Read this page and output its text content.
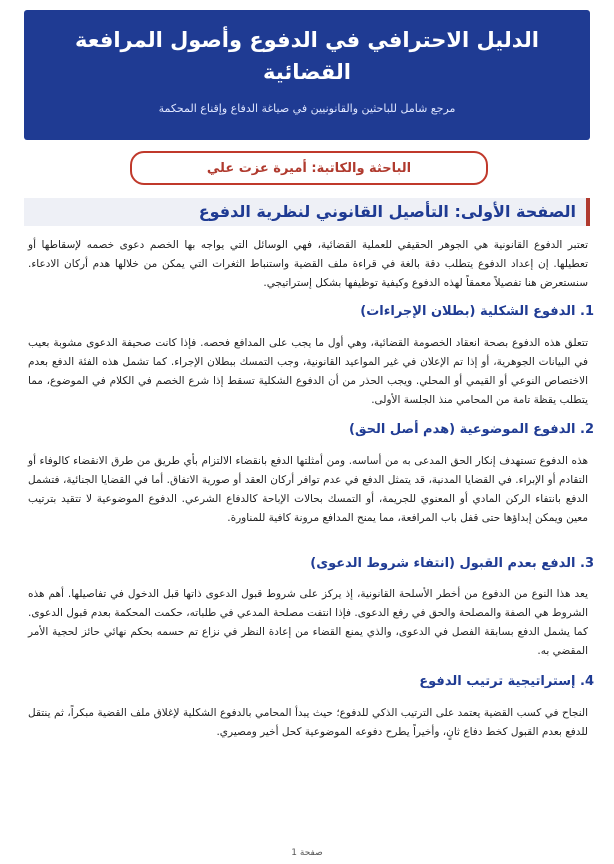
الدليل الاحترافي في الدفوع وأصول المرافعة القضائية
مرجع شامل للباحثين والقانونيين في صياغة الدفاع وإقناع المحكمة
الباحثة والكاتبة: أميرة عزت علي
الصفحة الأولى: التأصيل القانوني لنظرية الدفوع

تعتبر الدفوع القانونية هي الجوهر الحقيقي للعملية القضائية، فهي الوسائل التي يواجه بها الخصم دعوى خصمه لإسقاطها أو تعطيلها. إن إعداد الدفوع يتطلب دقة بالغة في قراءة ملف القضية واستنباط الثغرات التي يمكن من خلالها هدم أركان الادعاء. سنستعرض هنا تفصيلاً معمقاً لهذه الدفوع وكيفية توظيفها بشكل إستراتيجي.

1. الدفوع الشكلية (بطلان الإجراءات)

تتعلق هذه الدفوع بصحة انعقاد الخصومة القضائية، وهي أول ما يجب على المدافع فحصه. فإذا كانت صحيفة الدعوى مشوبة بعيب في البيانات الجوهرية، أو إذا تم الإعلان في غير المواعيد القانونية، وجب التمسك ببطلان الإجراء. كما تشمل هذه الفئة الدفع بعدم الاختصاص النوعي أو القيمي أو المحلي. ويجب الحذر من أن الدفوع الشكلية تسقط إذا شرع الخصم في الكلام في الموضوع، مما يتطلب يقظة تامة من المحامي منذ الجلسة الأولى.

2. الدفوع الموضوعية (هدم أصل الحق)

هذه الدفوع تستهدف إنكار الحق المدعى به من أساسه. ومن أمثلتها الدفع بانقضاء الالتزام بأي طريق من طرق الانقضاء كالوفاء أو التقادم أو الإبراء. في القضايا المدنية، قد يتمثل الدفع في عدم توافر أركان العقد أو صورية الاتفاق. أما في القضايا الجنائية، فتشمل الدفع بانتفاء الركن المادي أو المعنوي للجريمة، أو التمسك بحالات الإباحة كالدفاع الشرعي. الدفوع الموضوعية لا تتقيد بترتيب معين ويمكن إبداؤها حتى قفل باب المرافعة، مما يمنح المدافع مرونة كافية للمناورة.

3. الدفع بعدم القبول (انتفاء شروط الدعوى)

يعد هذا النوع من الدفوع من أخطر الأسلحة القانونية، إذ يركز على شروط قبول الدعوى ذاتها قبل الدخول في تفاصيلها. أهم هذه الشروط هي الصفة والمصلحة والحق في رفع الدعوى. فإذا انتفت مصلحة المدعي في طلباته، حكمت المحكمة بعدم قبول الدعوى. كما يشمل الدفع بسابقة الفصل في الدعوى، والذي يمنع القضاء من إعادة النظر في نزاع تم حسمه بحكم نهائي حائز لحجية الأمر المقضي به.

4. إستراتيجية ترتيب الدفوع

النجاح في كسب القضية يعتمد على الترتيب الذكي للدفوع؛ حيث يبدأ المحامي بالدفوع الشكلية لإغلاق ملف القضية مبكراً، ثم ينتقل للدفع بعدم القبول كخط دفاع ثانٍ، وأخيراً يطرح دفوعه الموضوعية كحل أخير ومصيري.

صفحة 1
